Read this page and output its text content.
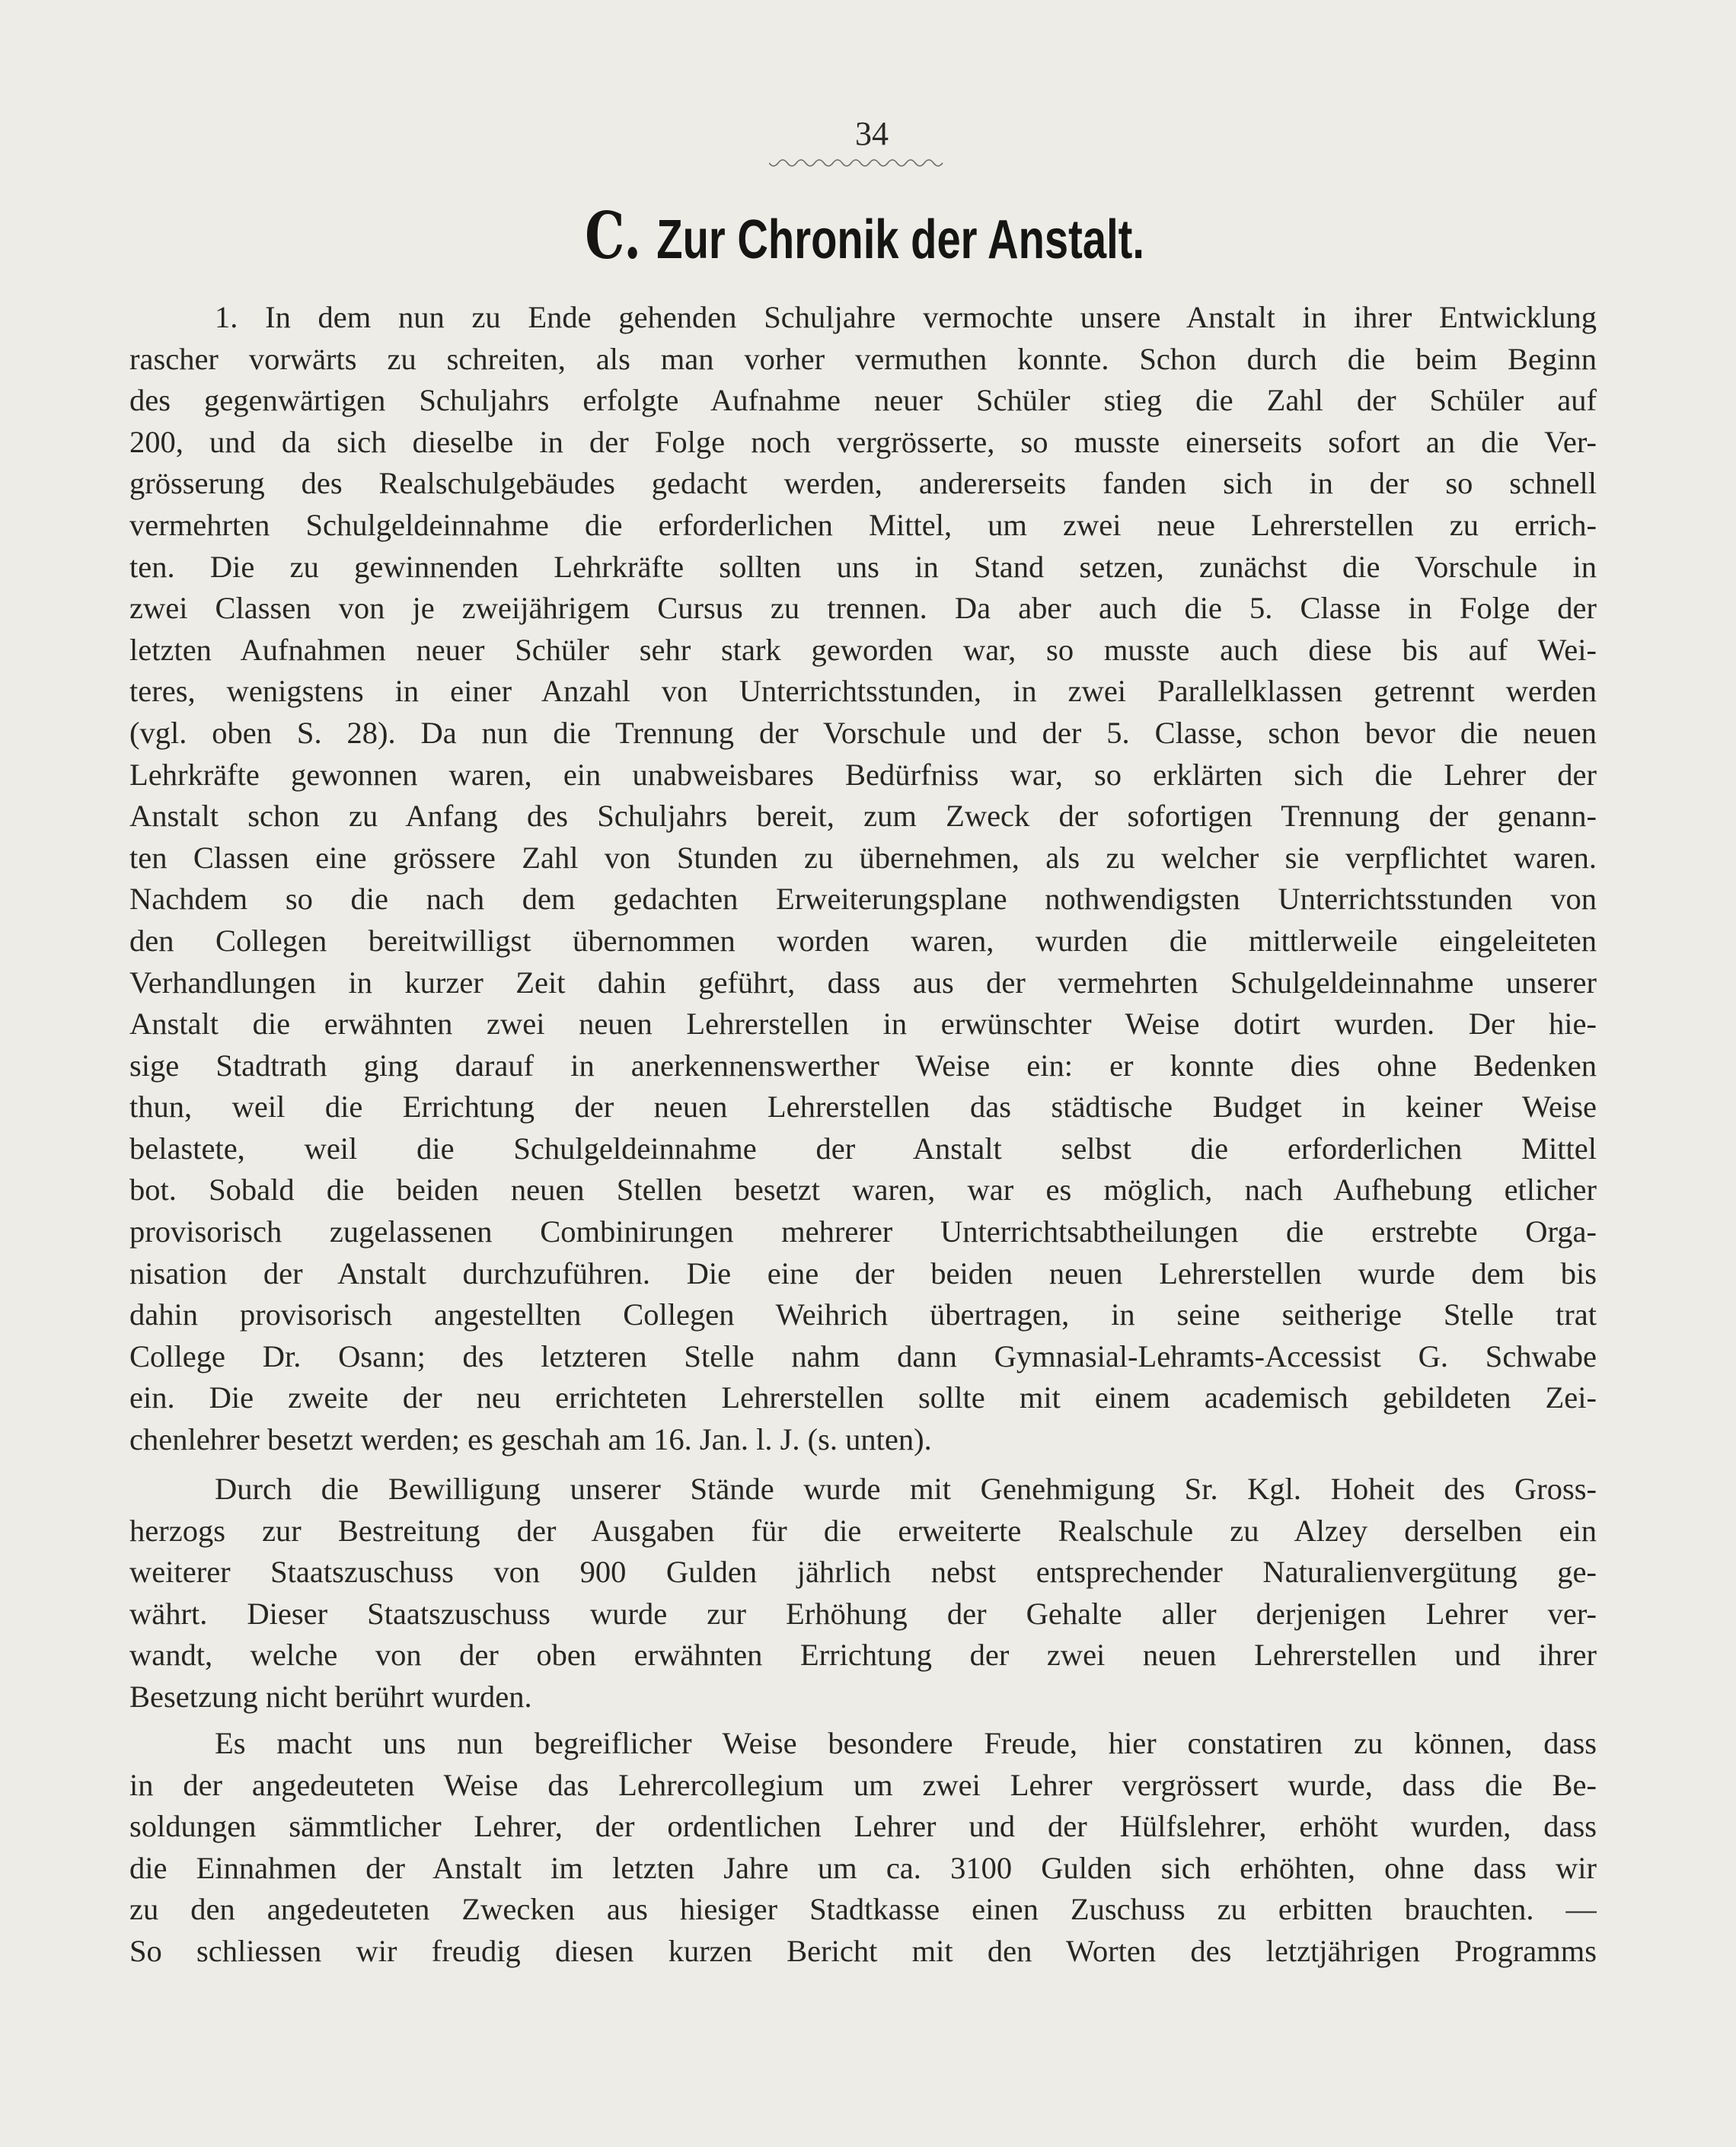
34
C. Zur Chronik der Anstalt.
1. In dem nun zu Ende gehenden Schuljahre vermochte unsere Anstalt in ihrer Entwicklung
rascher vorwärts zu schreiten, als man vorher vermuthen konnte. Schon durch die beim Beginn
des gegenwärtigen Schuljahrs erfolgte Aufnahme neuer Schüler stieg die Zahl der Schüler auf
200, und da sich dieselbe in der Folge noch vergrösserte, so musste einerseits sofort an die Ver-
grösserung des Realschulgebäudes gedacht werden, andererseits fanden sich in der so schnell
vermehrten Schulgeldeinnahme die erforderlichen Mittel, um zwei neue Lehrerstellen zu errich-
ten. Die zu gewinnenden Lehrkräfte sollten uns in Stand setzen, zunächst die Vorschule in
zwei Classen von je zweijährigem Cursus zu trennen. Da aber auch die 5. Classe in Folge der
letzten Aufnahmen neuer Schüler sehr stark geworden war, so musste auch diese bis auf Wei-
teres, wenigstens in einer Anzahl von Unterrichtsstunden, in zwei Parallelklassen getrennt werden
(vgl. oben S. 28). Da nun die Trennung der Vorschule und der 5. Classe, schon bevor die neuen
Lehrkräfte gewonnen waren, ein unabweisbares Bedürfniss war, so erklärten sich die Lehrer der
Anstalt schon zu Anfang des Schuljahrs bereit, zum Zweck der sofortigen Trennung der genann-
ten Classen eine grössere Zahl von Stunden zu übernehmen, als zu welcher sie verpflichtet waren.
Nachdem so die nach dem gedachten Erweiterungsplane nothwendigsten Unterrichtsstunden von
den Collegen bereitwilligst übernommen worden waren, wurden die mittlerweile eingeleiteten
Verhandlungen in kurzer Zeit dahin geführt, dass aus der vermehrten Schulgeldeinnahme unserer
Anstalt die erwähnten zwei neuen Lehrerstellen in erwünschter Weise dotirt wurden. Der hie-
sige Stadtrath ging darauf in anerkennenswerther Weise ein: er konnte dies ohne Bedenken
thun, weil die Errichtung der neuen Lehrerstellen das städtische Budget in keiner Weise
belastete, weil die Schulgeldeinnahme der Anstalt selbst die erforderlichen Mittel
bot. Sobald die beiden neuen Stellen besetzt waren, war es möglich, nach Aufhebung etlicher
provisorisch zugelassenen Combinirungen mehrerer Unterrichtsabtheilungen die erstrebte Orga-
nisation der Anstalt durchzuführen. Die eine der beiden neuen Lehrerstellen wurde dem bis
dahin provisorisch angestellten Collegen Weihrich übertragen, in seine seitherige Stelle trat
College Dr. Osann; des letzteren Stelle nahm dann Gymnasial-Lehramts-Accessist G. Schwabe
ein. Die zweite der neu errichteten Lehrerstellen sollte mit einem academisch gebildeten Zei-
chenlehrer besetzt werden; es geschah am 16. Jan. l. J. (s. unten).
Durch die Bewilligung unserer Stände wurde mit Genehmigung Sr. Kgl. Hoheit des Gross-
herzogs zur Bestreitung der Ausgaben für die erweiterte Realschule zu Alzey derselben ein
weiterer Staatszuschuss von 900 Gulden jährlich nebst entsprechender Naturalienvergütung ge-
währt. Dieser Staatszuschuss wurde zur Erhöhung der Gehalte aller derjenigen Lehrer ver-
wandt, welche von der oben erwähnten Errichtung der zwei neuen Lehrerstellen und ihrer
Besetzung nicht berührt wurden.
Es macht uns nun begreiflicher Weise besondere Freude, hier constatiren zu können, dass
in der angedeuteten Weise das Lehrercollegium um zwei Lehrer vergrössert wurde, dass die Be-
soldungen sämmtlicher Lehrer, der ordentlichen Lehrer und der Hülfslehrer, erhöht wurden, dass
die Einnahmen der Anstalt im letzten Jahre um ca. 3100 Gulden sich erhöhten, ohne dass wir
zu den angedeuteten Zwecken aus hiesiger Stadtkasse einen Zuschuss zu erbitten brauchten. —
So schliessen wir freudig diesen kurzen Bericht mit den Worten des letztjährigen Programms
